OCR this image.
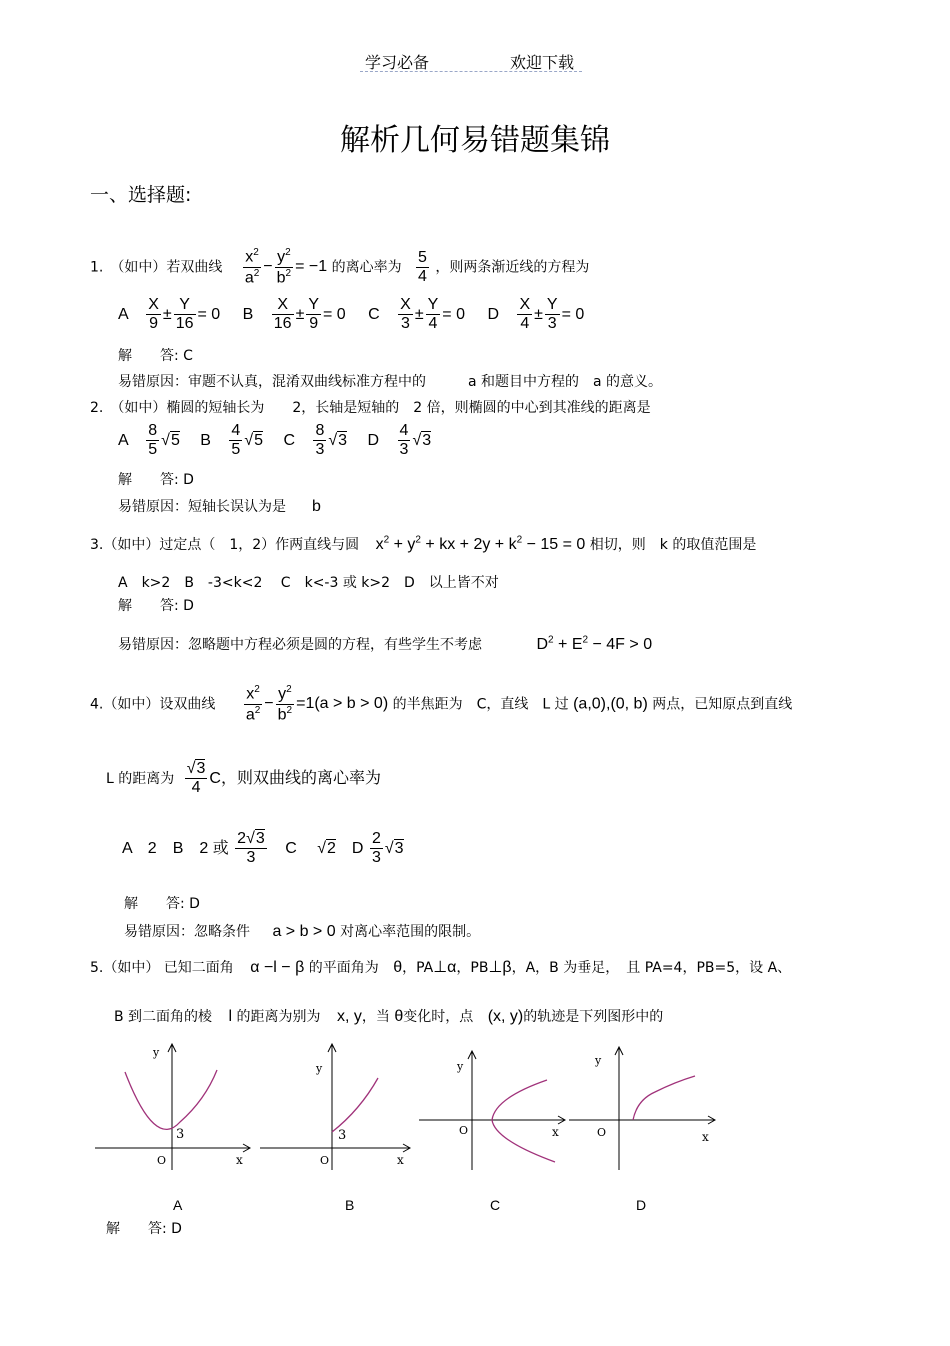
学习必备	欢迎下载
解析几何易错题集锦
一、选择题:
1.　（如中）若双曲线 $\frac{x^2}{a^2} - \frac{y^2}{b^2} = -1$ 的离心率为 $\frac{5}{4}$ ，则两条渐近线的方程为
A $\frac{X}{9} \pm \frac{Y}{16} = 0$ B $\frac{X}{16} \pm \frac{Y}{9} = 0$ C $\frac{X}{3} \pm \frac{Y}{4} = 0$ D $\frac{X}{4} \pm \frac{Y}{3} = 0$
解　　答: C
易错原因：审题不认真，混淆双曲线标准方程中的　　　a 和题目中方程的　a 的意义。
2.　（如中）椭圆的短轴长为　　2，长轴是短轴的　2 倍，则椭圆的中心到其准线的距离是
A $\frac{8}{5} √5$ B $\frac{4}{5} √5$ C $\frac{8}{3} √3$ D $\frac{4}{3} √3$
解　　答: D
易错原因：短轴长误认为是 b
3.（如中）过定点（　1，2）作两直线与圆 $x^2 + y^2$ + kx + $2y + k^2 - 15 = 0$ 相切，则　k 的取值范围是
A　k>2　B　-3<k<2　 C　k<-3 或 k>2　D　以上皆不对
解　　答: D
易错原因：忽略题中方程必须是圆的方程，有些学生不考虑	$D^2 + E^2 - 4F > 0$
4.（如中）设双曲线 $\frac{x^2}{a^2} - \frac{y^2}{b^2} =1(a > b > 0)$ 的半焦距为　C，直线　L 过 (a,0),(0, b) 两点，已知原点到直线
L 的距离为 $\frac{√3}{4}$ C，则双曲线的离心率为
A　2　B　2 或 $\frac{2√3}{3}$ C　 √2　D $\frac{2}{3} √3$
解　　答: D
易错原因：忽略条件 a > b > 0 对离心率范围的限制。
5.（如中） 已知二面角 α −l − β 的平面角为 θ，PA⊥α，PB⊥β，A，B 为垂足，　且 PA=4，PB=5，设 A、
B 到二面角的棱 l 的距离为别为 x, y，当 θ变化时，点 (x, y)的轨迹是下列图形中的
y
3
O	x
y
3
O	x
y
O	x
y
O	x
A	B	C	D
解　　答: D
